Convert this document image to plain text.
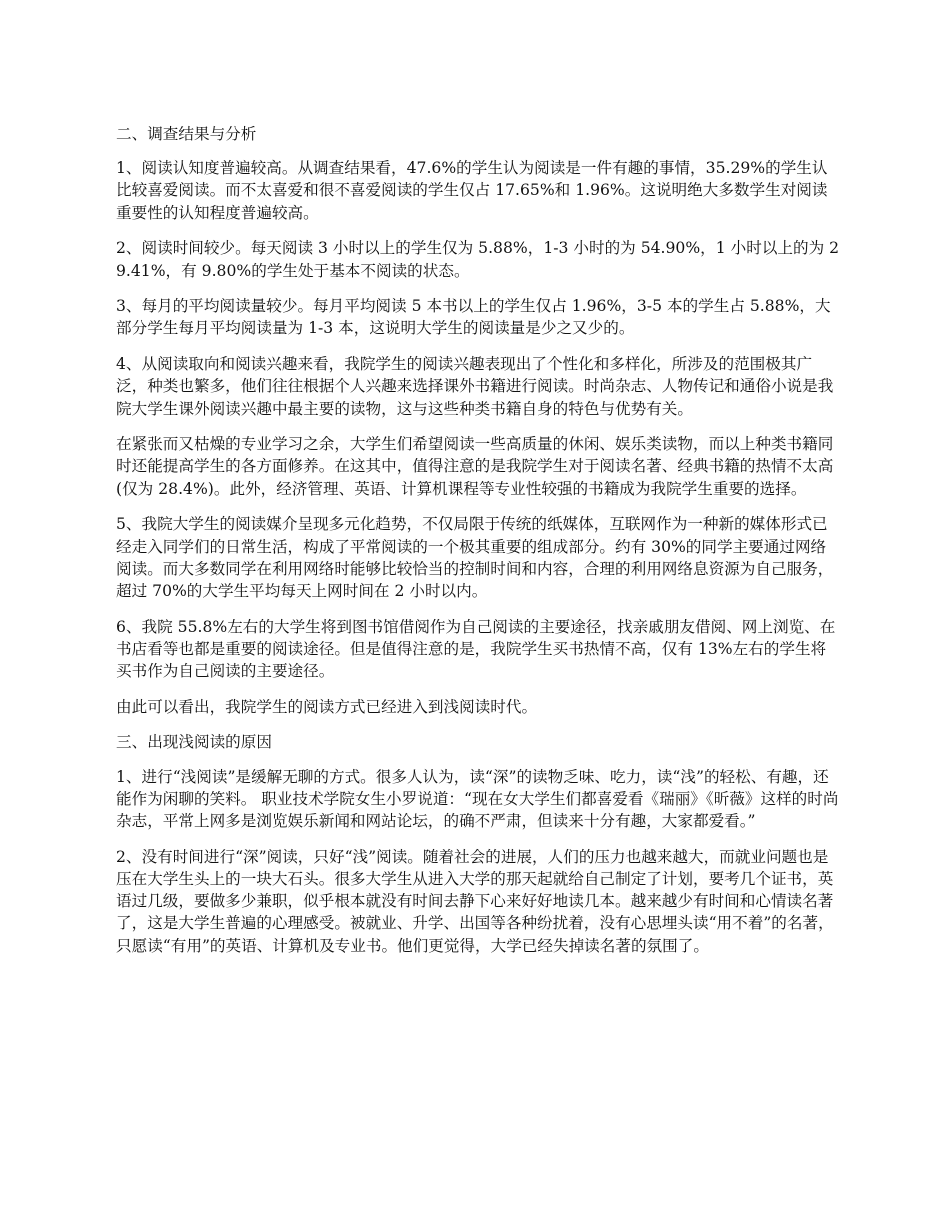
二、调查结果与分析

1、阅读认知度普遍较高。从调查结果看，47.6%的学生认为阅读是一件有趣的事情，35.29%的学生认比较喜爱阅读。而不太喜爱和很不喜爱阅读的学生仅占 17.65%和 1.96%。这说明绝大多数学生对阅读重要性的认知程度普遍较高。

2、阅读时间较少。每天阅读 3 小时以上的学生仅为 5.88%，1-3 小时的为 54.90%，1 小时以上的为 29.41%，有 9.80%的学生处于基本不阅读的状态。

3、每月的平均阅读量较少。每月平均阅读 5 本书以上的学生仅占 1.96%，3-5 本的学生占 5.88%，大部分学生每月平均阅读量为 1-3 本，这说明大学生的阅读量是少之又少的。

4、从阅读取向和阅读兴趣来看，我院学生的阅读兴趣表现出了个性化和多样化，所涉及的范围极其广泛，种类也繁多，他们往往根据个人兴趣来选择课外书籍进行阅读。时尚杂志、人物传记和通俗小说是我院大学生课外阅读兴趣中最主要的读物，这与这些种类书籍自身的特色与优势有关。

在紧张而又枯燥的专业学习之余，大学生们希望阅读一些高质量的休闲、娱乐类读物，而以上种类书籍同时还能提高学生的各方面修养。在这其中，值得注意的是我院学生对于阅读名著、经典书籍的热情不太高(仅为 28.4%)。此外，经济管理、英语、计算机课程等专业性较强的书籍成为我院学生重要的选择。

5、我院大学生的阅读媒介呈现多元化趋势，不仅局限于传统的纸媒体，互联网作为一种新的媒体形式已经走入同学们的日常生活，构成了平常阅读的一个极其重要的组成部分。约有 30%的同学主要通过网络阅读。而大多数同学在利用网络时能够比较恰当的控制时间和内容，合理的利用网络息资源为自己服务，超过 70%的大学生平均每天上网时间在 2 小时以内。

6、我院 55.8%左右的大学生将到图书馆借阅作为自己阅读的主要途径，找亲戚朋友借阅、网上浏览、在书店看等也都是重要的阅读途径。但是值得注意的是，我院学生买书热情不高，仅有 13%左右的学生将买书作为自己阅读的主要途径。

由此可以看出，我院学生的阅读方式已经进入到浅阅读时代。

三、出现浅阅读的原因

1、进行“浅阅读”是缓解无聊的方式。很多人认为，读“深”的读物乏味、吃力，读“浅”的轻松、有趣，还能作为闲聊的笑料。 职业技术学院女生小罗说道：“现在女大学生们都喜爱看《瑞丽》《昕薇》这样的时尚杂志，平常上网多是浏览娱乐新闻和网站论坛，的确不严肃，但读来十分有趣，大家都爱看。”

2、没有时间进行“深”阅读，只好“浅”阅读。随着社会的进展，人们的压力也越来越大，而就业问题也是压在大学生头上的一块大石头。很多大学生从进入大学的那天起就给自己制定了计划，要考几个证书，英语过几级，要做多少兼职，似乎根本就没有时间去静下心来好好地读几本。越来越少有时间和心情读名著了，这是大学生普遍的心理感受。被就业、升学、出国等各种纷扰着，没有心思埋头读“用不着”的名著，只愿读“有用”的英语、计算机及专业书。他们更觉得，大学已经失掉读名著的氛围了。
